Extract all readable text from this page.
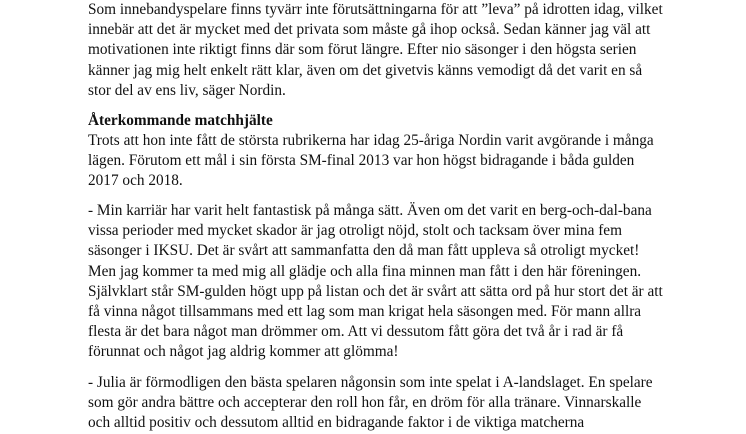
Som innebandyspelare finns tyvärr inte förutsättningarna för att ”leva” på idrotten idag, vilket
innebär att det är mycket med det privata som måste gå ihop också. Sedan känner jag väl att
motivationen inte riktigt finns där som förut längre. Efter nio säsonger i den högsta serien
känner jag mig helt enkelt rätt klar, även om det givetvis känns vemodigt då det varit en så
stor del av ens liv, säger Nordin.
Återkommande matchhjälte
Trots att hon inte fått de största rubrikerna har idag 25-åriga Nordin varit avgörande i många
lägen. Förutom ett mål i sin första SM-final 2013 var hon högst bidragande i båda gulden
2017 och 2018.
- Min karriär har varit helt fantastisk på många sätt. Även om det varit en berg-och-dal-bana
vissa perioder med mycket skador är jag otroligt nöjd, stolt och tacksam över mina fem
säsonger i IKSU. Det är svårt att sammanfatta den då man fått uppleva så otroligt mycket!
Men jag kommer ta med mig all glädje och alla fina minnen man fått i den här föreningen.
Självklart står SM-gulden högt upp på listan och det är svårt att sätta ord på hur stort det är att
få vinna något tillsammans med ett lag som man krigat hela säsongen med. För mann allra
flesta är det bara något man drömmer om. Att vi dessutom fått göra det två år i rad är få
förunnat och något jag aldrig kommer att glömma!
- Julia är förmodligen den bästa spelaren någonsin som inte spelat i A-landslaget. En spelare
som gör andra bättre och accepterar den roll hon får, en dröm för alla tränare. Vinnarskalle
och alltid positiv och dessutom alltid en bidragande faktor i de viktiga matcherna
